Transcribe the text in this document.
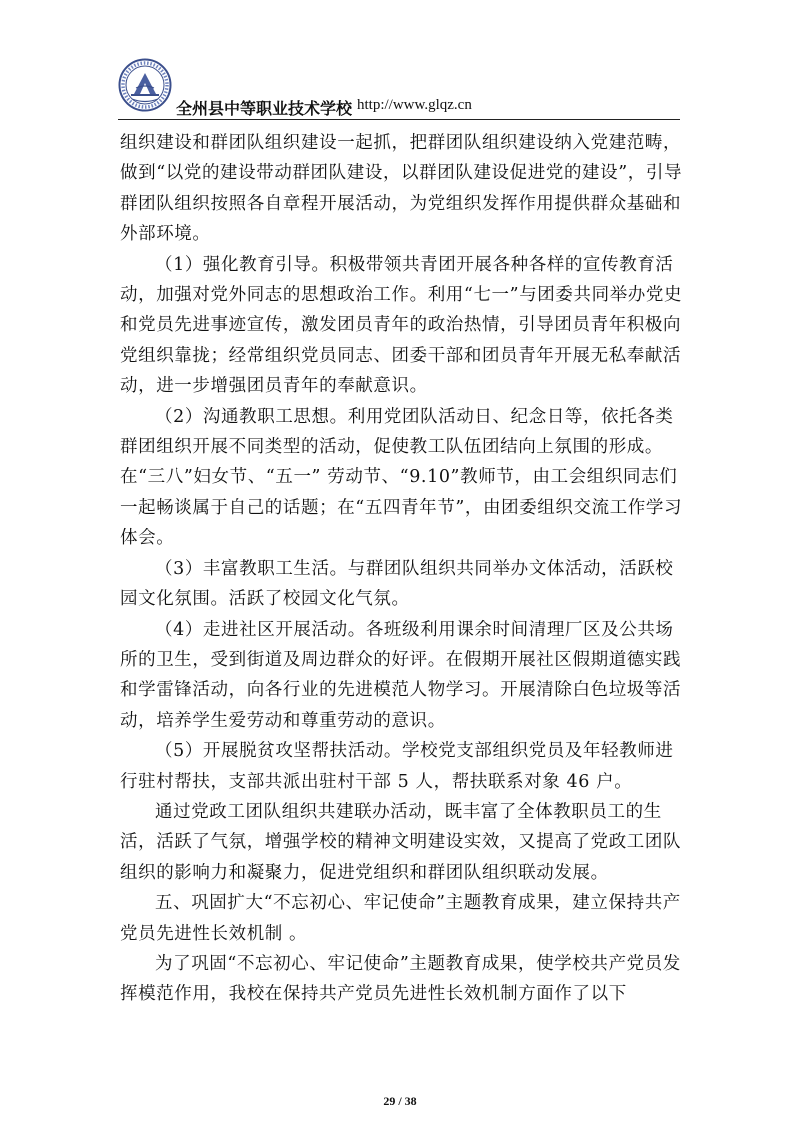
全州县中等职业技术学校 http://www.glqz.cn

组织建设和群团队组织建设一起抓，把群团队组织建设纳入党建范畴，做到“以党的建设带动群团队建设，以群团队建设促进党的建设”，引导群团队组织按照各自章程开展活动，为党组织发挥作用提供群众基础和外部环境。

（1）强化教育引导。积极带领共青团开展各种各样的宣传教育活动，加强对党外同志的思想政治工作。利用“七一”与团委共同举办党史和党员先进事迹宣传，激发团员青年的政治热情，引导团员青年积极向党组织靠拢；经常组织党员同志、团委干部和团员青年开展无私奉献活动，进一步增强团员青年的奉献意识。

（2）沟通教职工思想。利用党团队活动日、纪念日等，依托各类群团组织开展不同类型的活动，促使教工队伍团结向上氛围的形成。在“三八”妇女节、“五一” 劳动节、“9.10”教师节，由工会组织同志们一起畅谈属于自己的话题；在“五四青年节”，由团委组织交流工作学习体会。

（3）丰富教职工生活。与群团队组织共同举办文体活动，活跃校园文化氛围。活跃了校园文化气氛。

（4）走进社区开展活动。各班级利用课余时间清理厂区及公共场所的卫生，受到街道及周边群众的好评。在假期开展社区假期道德实践和学雷锋活动，向各行业的先进模范人物学习。开展清除白色垃圾等活动，培养学生爱劳动和尊重劳动的意识。

（5）开展脱贫攻坚帮扶活动。学校党支部组织党员及年轻教师进行驻村帮扶，支部共派出驻村干部 5 人，帮扶联系对象 46 户。

通过党政工团队组织共建联办活动，既丰富了全体教职员工的生活，活跃了气氛，增强学校的精神文明建设实效，又提高了党政工团队组织的影响力和凝聚力，促进党组织和群团队组织联动发展。

五、巩固扩大“不忘初心、牢记使命”主题教育成果，建立保持共产党员先进性长效机制 。

为了巩固“不忘初心、牢记使命”主题教育成果，使学校共产党员发挥模范作用，我校在保持共产党员先进性长效机制方面作了以下

29 / 38
